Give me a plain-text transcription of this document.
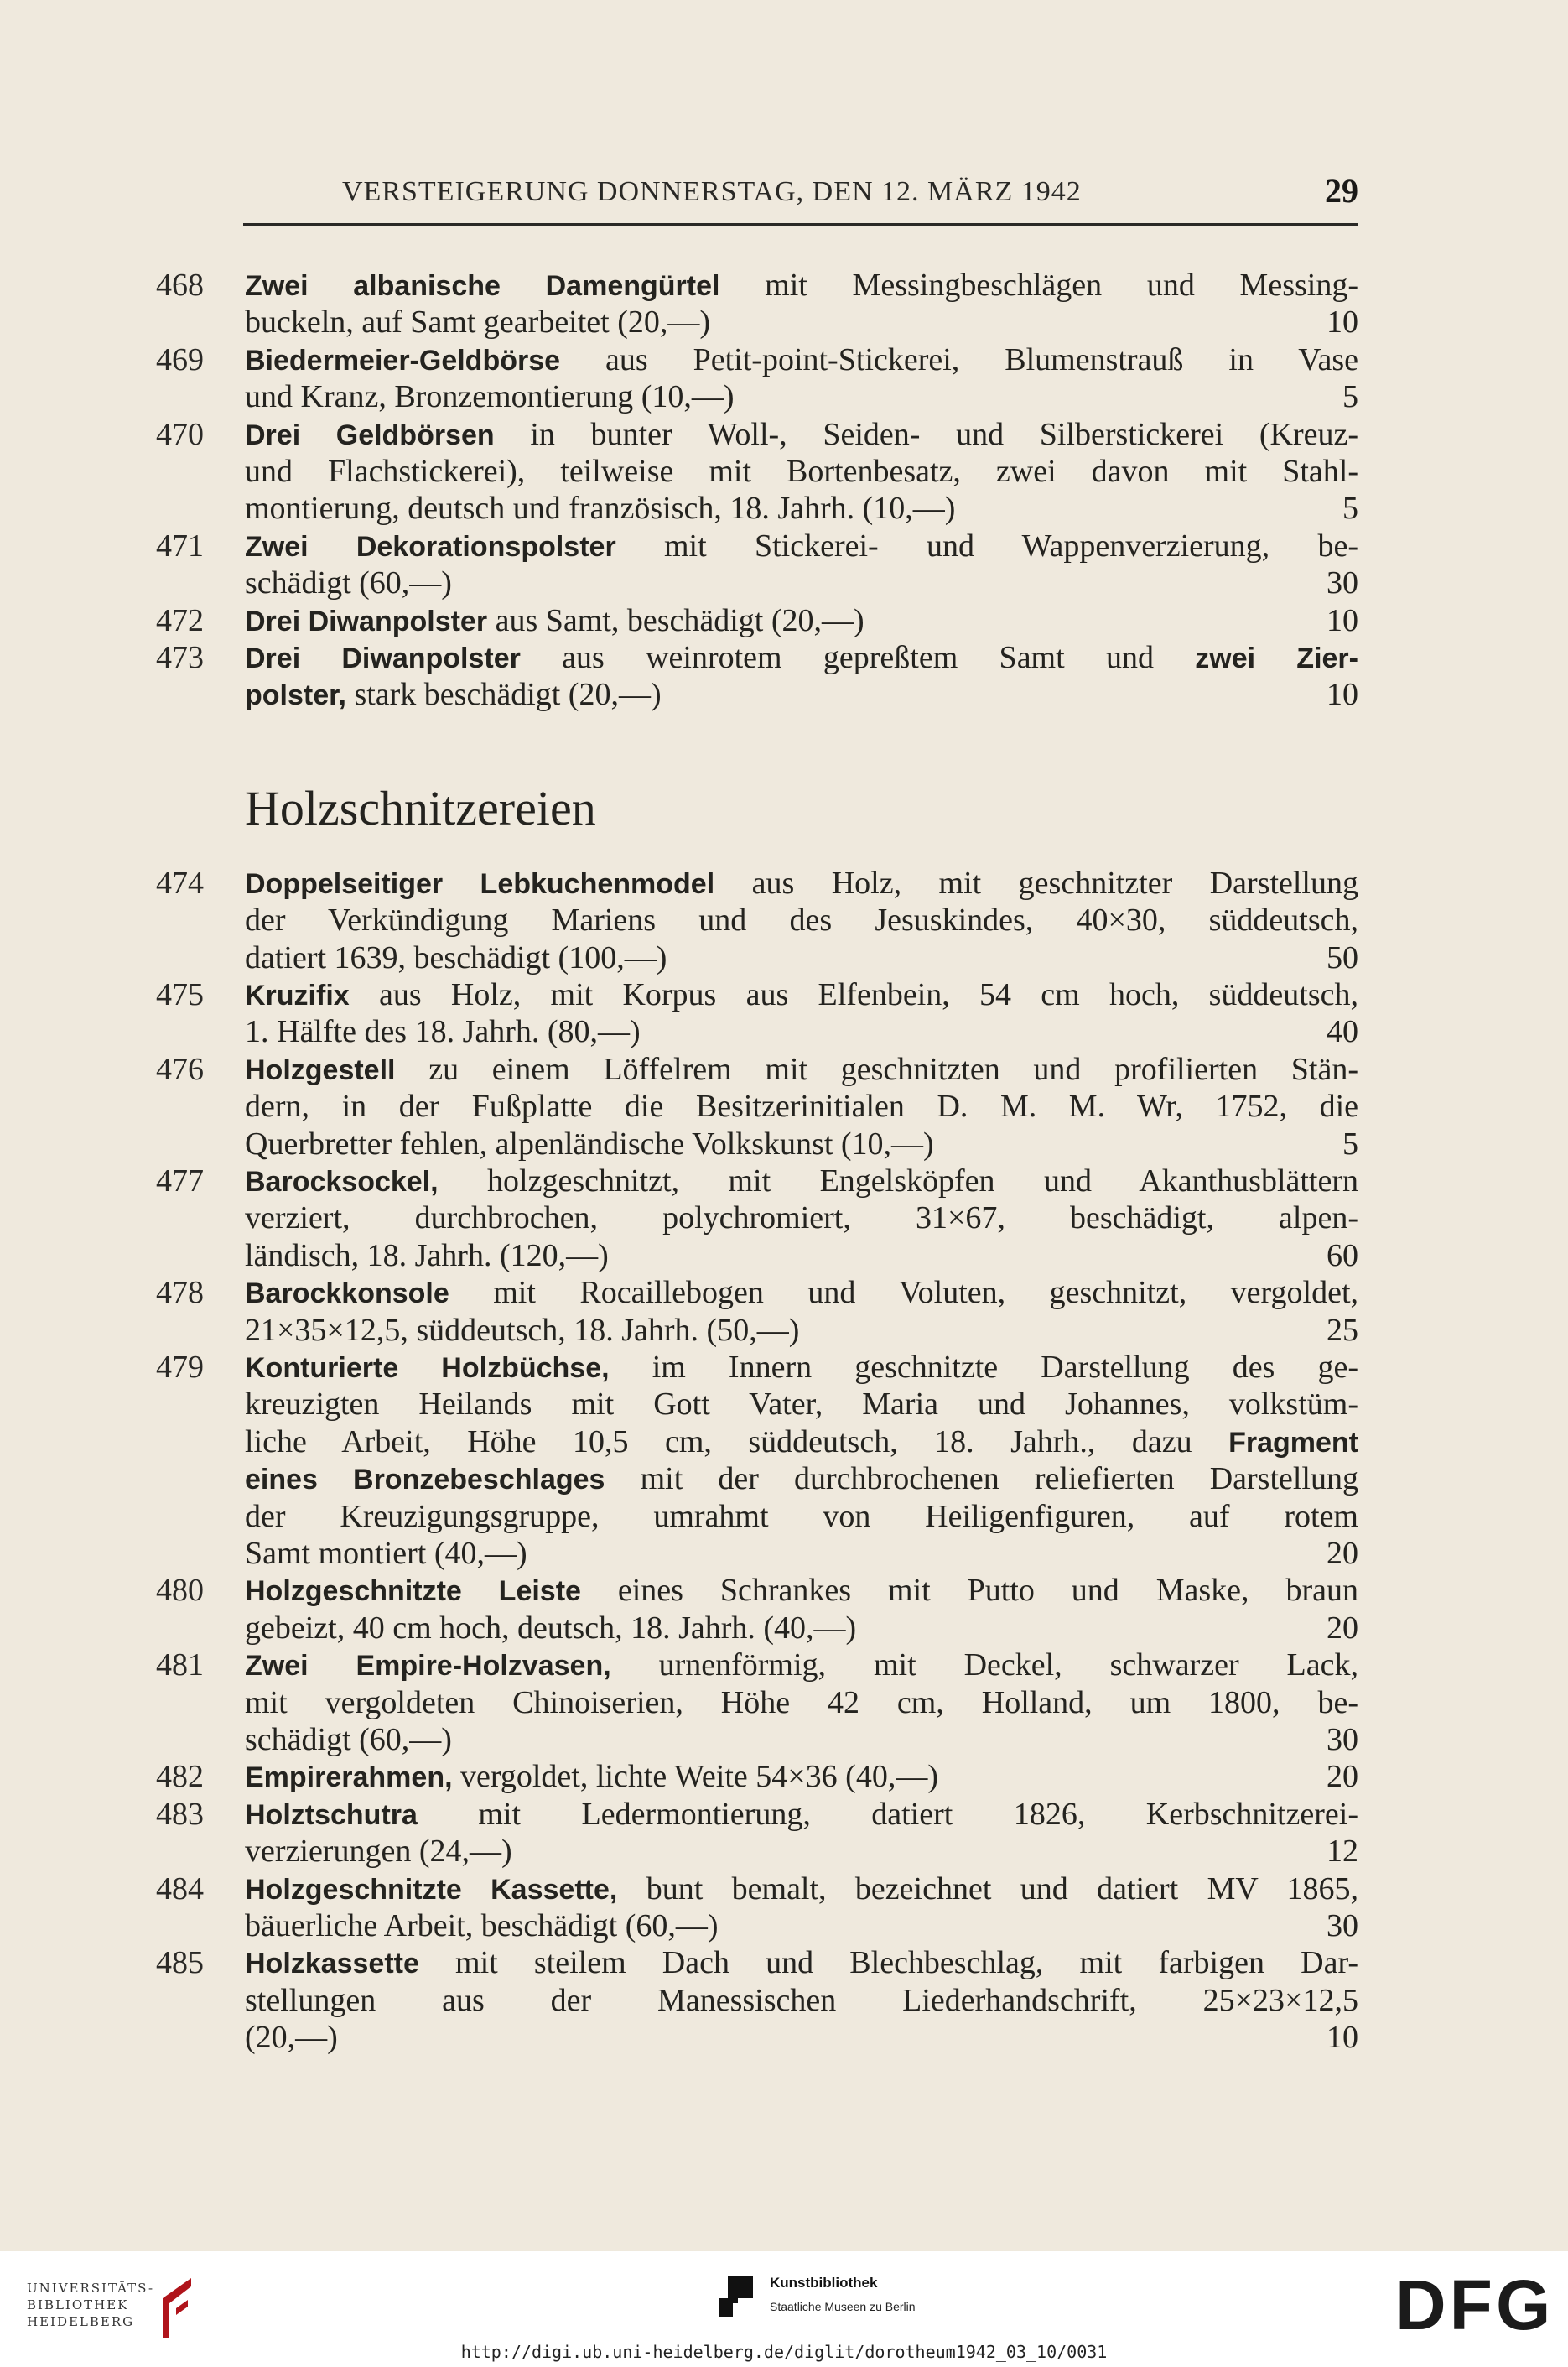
VERSTEIGERUNG DONNERSTAG, DEN 12. MÄRZ 1942	29
Holzschnitzereien
468	Zwei albanische Damengürtel mit Messingbeschlägen und Messing-
buckeln, auf Samt gearbeitet (20,—)	10
469	Biedermeier-Geldbörse aus Petit-point-Stickerei, Blumenstrauß in Vase
und Kranz, Bronzemontierung (10,—)	5
470	Drei Geldbörsen in bunter Woll-, Seiden- und Silberstickerei (Kreuz-
und Flachstickerei), teilweise mit Bortenbesatz, zwei davon mit Stahl-
montierung, deutsch und französisch, 18. Jahrh. (10,—)	5
471	Zwei Dekorationspolster mit Stickerei- und Wappenverzierung, be-
schädigt (60,—)	30
472	Drei Diwanpolster aus Samt, beschädigt (20,—)	10
473	Drei Diwanpolster aus weinrotem gepreßtem Samt und zwei Zier-
polster, stark beschädigt (20,—)	10
474	Doppelseitiger Lebkuchenmodel aus Holz, mit geschnitzter Darstellung
der Verkündigung Mariens und des Jesuskindes, 40×30, süddeutsch,
datiert 1639, beschädigt (100,—)	50
475	Kruzifix aus Holz, mit Korpus aus Elfenbein, 54 cm hoch, süddeutsch,
1. Hälfte des 18. Jahrh. (80,—)	40
476	Holzgestell zu einem Löffelrem mit geschnitzten und profilierten Stän-
dern, in der Fußplatte die Besitzerinitialen D. M. M. Wr, 1752, die
Querbretter fehlen, alpenländische Volkskunst (10,—)	5
477	Barocksockel, holzgeschnitzt, mit Engelsköpfen und Akanthusblättern
verziert, durchbrochen, polychromiert, 31×67, beschädigt, alpen-
ländisch, 18. Jahrh. (120,—)	60
478	Barockkonsole mit Rocaillebogen und Voluten, geschnitzt, vergoldet,
21×35×12,5, süddeutsch, 18. Jahrh. (50,—)	25
479	Konturierte Holzbüchse, im Innern geschnitzte Darstellung des ge-
kreuzigten Heilands mit Gott Vater, Maria und Johannes, volkstüm-
liche Arbeit, Höhe 10,5 cm, süddeutsch, 18. Jahrh., dazu Fragment
eines Bronzebeschlages mit der durchbrochenen reliefierten Darstellung
der Kreuzigungsgruppe, umrahmt von Heiligenfiguren, auf rotem
Samt montiert (40,—)	20
480	Holzgeschnitzte Leiste eines Schrankes mit Putto und Maske, braun
gebeizt, 40 cm hoch, deutsch, 18. Jahrh. (40,—)	20
481	Zwei Empire-Holzvasen, urnenförmig, mit Deckel, schwarzer Lack,
mit vergoldeten Chinoiserien, Höhe 42 cm, Holland, um 1800, be-
schädigt (60,—)	30
482	Empirerahmen, vergoldet, lichte Weite 54×36 (40,—)	20
483	Holztschutra mit Ledermontierung, datiert 1826, Kerbschnitzerei-
verzierungen (24,—)	12
484	Holzgeschnitzte Kassette, bunt bemalt, bezeichnet und datiert MV 1865,
bäuerliche Arbeit, beschädigt (60,—)	30
485	Holzkassette mit steilem Dach und Blechbeschlag, mit farbigen Dar-
stellungen aus der Manessischen Liederhandschrift, 25×23×12,5
(20,—)	10
UNIVERSITÄTS-
BIBLIOTHEK
HEIDELBERG
Kunstbibliothek
Staatliche Museen zu Berlin	DFG
http://digi.ub.uni-heidelberg.de/diglit/dorotheum1942_03_10/0031
